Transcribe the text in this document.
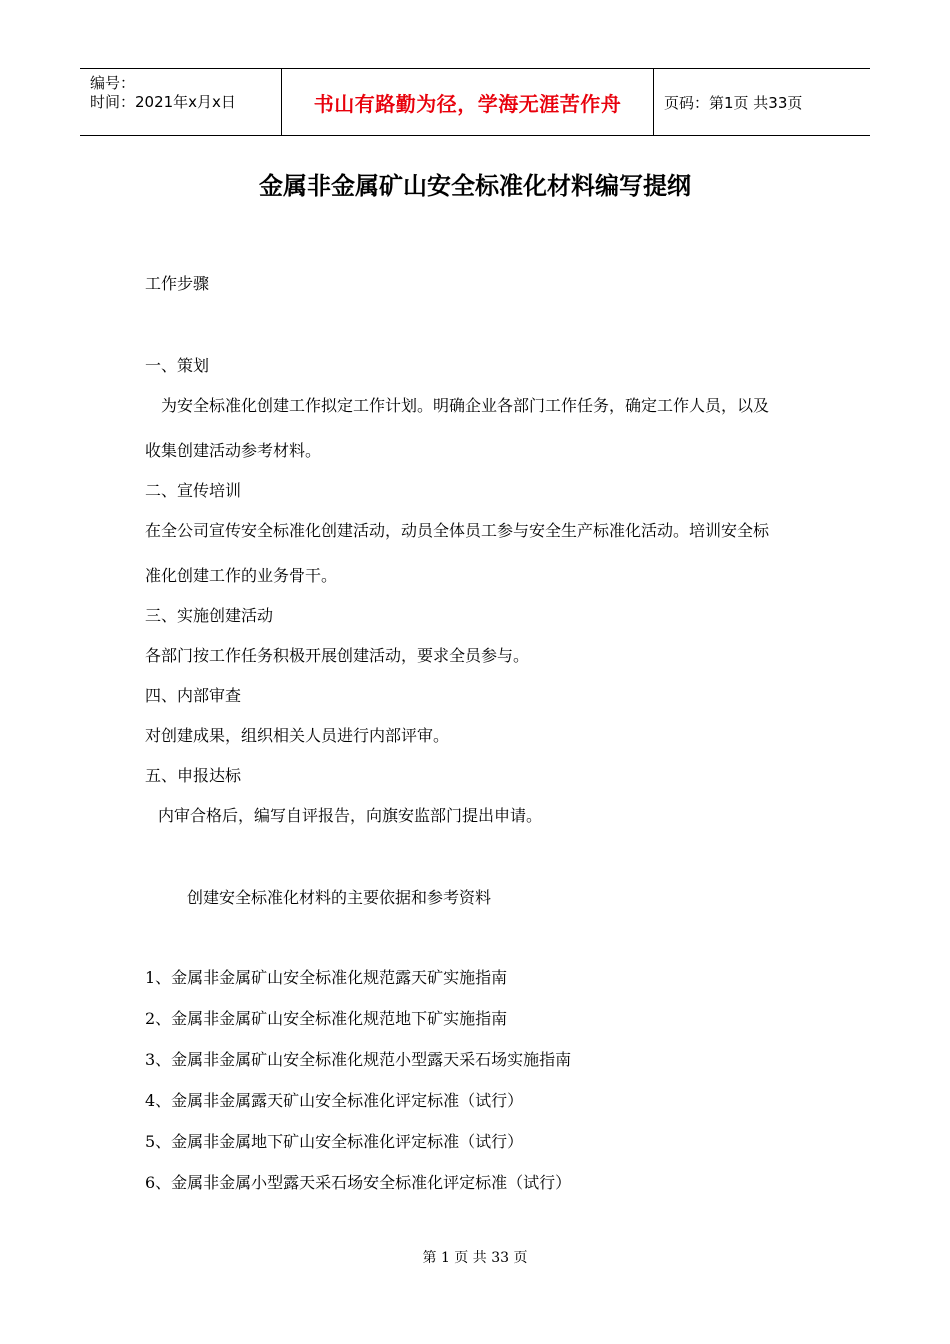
编号：
时间：2021年x月x日	书山有路勤为径，学海无涯苦作舟	页码：第1页 共33页
金属非金属矿山安全标准化材料编写提纲
工作步骤
一、策划
为安全标准化创建工作拟定工作计划。明确企业各部门工作任务，确定工作人员，以及
收集创建活动参考材料。
二、宣传培训
在全公司宣传安全标准化创建活动，动员全体员工参与安全生产标准化活动。培训安全标
准化创建工作的业务骨干。
三、实施创建活动
各部门按工作任务积极开展创建活动，要求全员参与。
四、内部审查
对创建成果，组织相关人员进行内部评审。
五、申报达标
内审合格后，编写自评报告，向旗安监部门提出申请。
创建安全标准化材料的主要依据和参考资料
1、金属非金属矿山安全标准化规范露天矿实施指南
2、金属非金属矿山安全标准化规范地下矿实施指南
3、金属非金属矿山安全标准化规范小型露天采石场实施指南
4、金属非金属露天矿山安全标准化评定标准（试行）
5、金属非金属地下矿山安全标准化评定标准（试行）
6、金属非金属小型露天采石场安全标准化评定标准（试行）
第 1 页 共 33 页
